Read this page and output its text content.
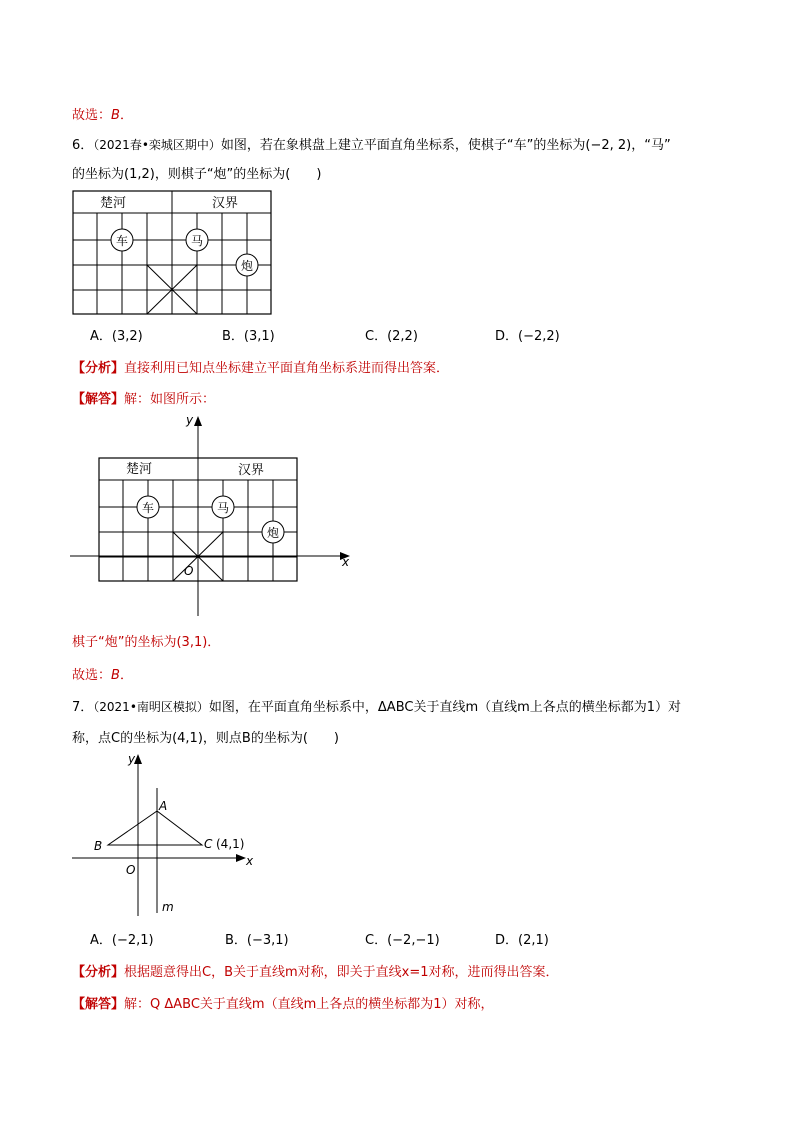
故选：B．
6．（2021春•栾城区期中）如图，若在象棋盘上建立平面直角坐标系，使棋子“车”的坐标为(−2, 2)，“马”
的坐标为(1,2)，则棋子“炮”的坐标为(　　)
楚河	汉界
车	马
炮
A．(3,2)	B．(3,1)	C．(2,2)	D．(−2,2)
【分析】直接利用已知点坐标建立平面直角坐标系进而得出答案．
【解答】解：如图所示：
楚河	汉界
车	马
炮
x
y
O
棋子“炮”的坐标为(3,1)．
故选：B．
7．（2021•南明区模拟）如图，在平面直角坐标系中，ΔABC关于直线m（直线m上各点的横坐标都为1）对
称，点C的坐标为(4,1)，则点B的坐标为(　　)
x
y
O
A
B	C (4,1)
m
A．(−2,1)	B．(−3,1)	C．(−2,−1)	D．(2,1)
【分析】根据题意得出C，B关于直线m对称，即关于直线x=1对称，进而得出答案．
【解答】解：Q ΔABC关于直线m（直线m上各点的横坐标都为1）对称，
